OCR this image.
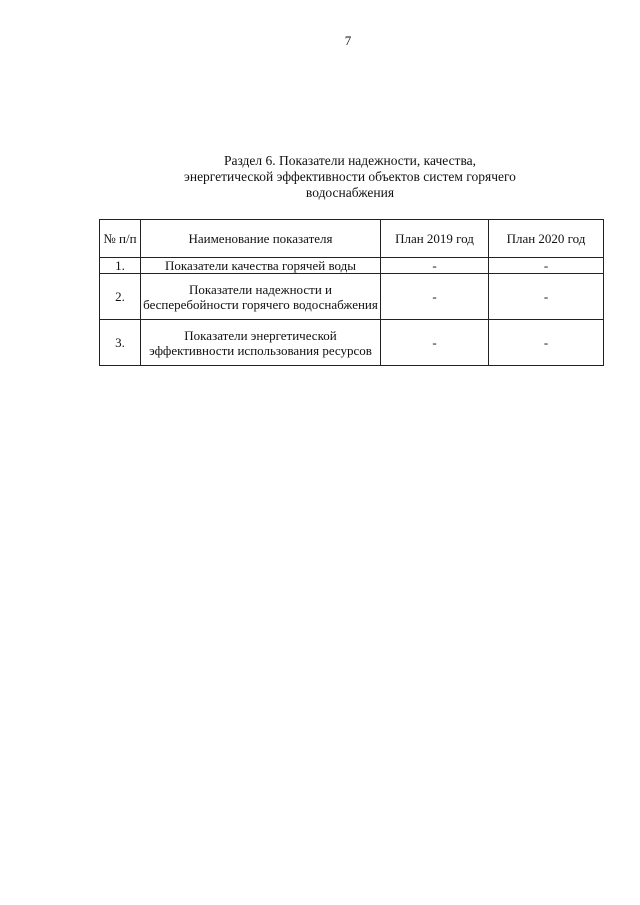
7
Раздел 6. Показатели надежности, качества,
энергетической эффективности объектов систем горячего
водоснабжения
№ п/п	Наименование показателя	План 2019 год	План 2020 год
1.	Показатели качества горячей воды	-	-
2.	Показатели надежности и бесперебойности горячего водоснабжения	-	-
3.	Показатели энергетической эффективности использования ресурсов	-	-
